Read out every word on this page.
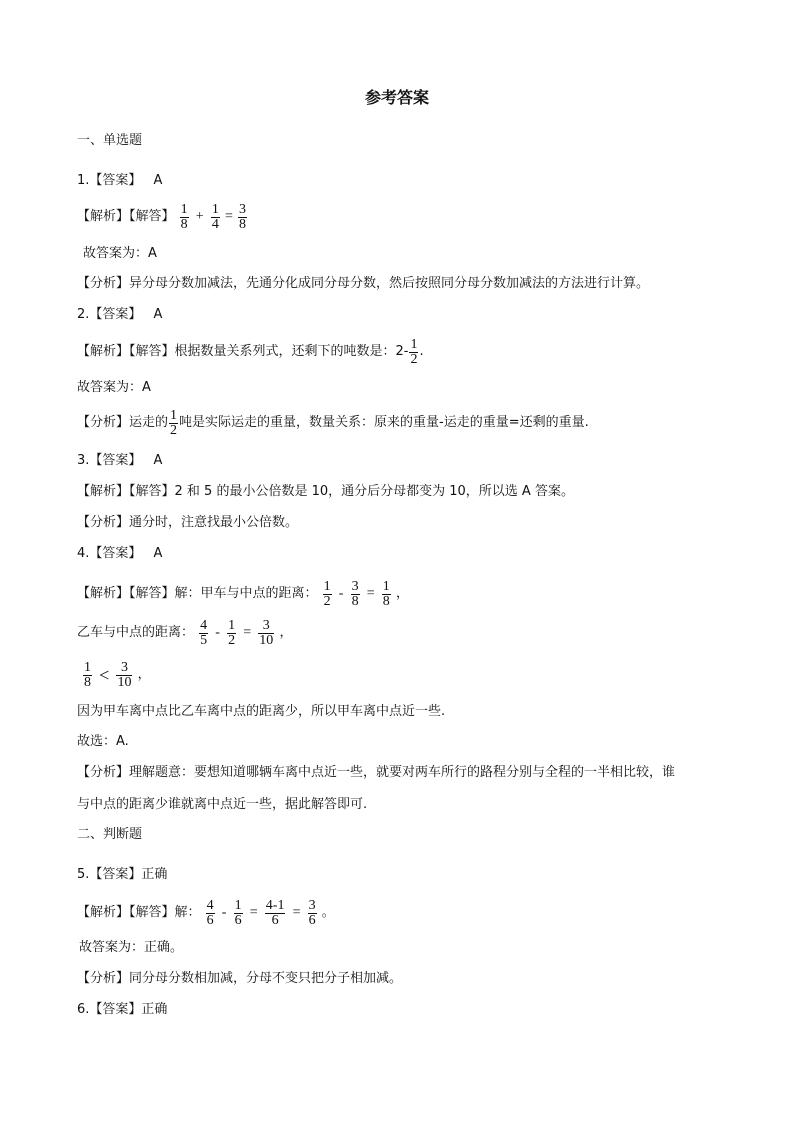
参考答案
一、单选题
1.【答案】 A
【解析】【解答】 $\frac{1}{8} + \frac{1}{4} = \frac{3}{8}$
故答案为：A
【分析】异分母分数加减法，先通分化成同分母分数，然后按照同分母分数加减法的方法进行计算。
2.【答案】 A
【解析】【解答】根据数量关系列式，还剩下的吨数是：$2- \frac{1}{2}$ .
故答案为：A
【分析】运走的 $\frac{1}{2}$ 吨是实际运走的重量，数量关系：原来的重量-运走的重量=还剩的重量.
3.【答案】 A
【解析】【解答】2 和 5 的最小公倍数是 10，通分后分母都变为 10，所以选 A 答案。
【分析】通分时，注意找最小公倍数。
4.【答案】 A
【解析】【解答】解：甲车与中点的距离： $\frac{1}{2} - \frac{3}{8} = \frac{1}{8}$ ，
乙车与中点的距离： $\frac{4}{5} - \frac{1}{2} = \frac{3}{10}$ ，
$\frac{1}{8} < \frac{3}{10}$ ，
因为甲车离中点比乙车离中点的距离少，所以甲车离中点近一些.
故选：A.
【分析】理解题意：要想知道哪辆车离中点近一些，就要对两车所行的路程分别与全程的一半相比较，谁
与中点的距离少谁就离中点近一些，据此解答即可.
二、判断题
5.【答案】正确
【解析】【解答】解： $\frac{4}{6} - \frac{1}{6} = \frac{4-1}{6} = \frac{3}{6}$ 。
故答案为：正确。
【分析】同分母分数相加减，分母不变只把分子相加减。
6.【答案】正确
